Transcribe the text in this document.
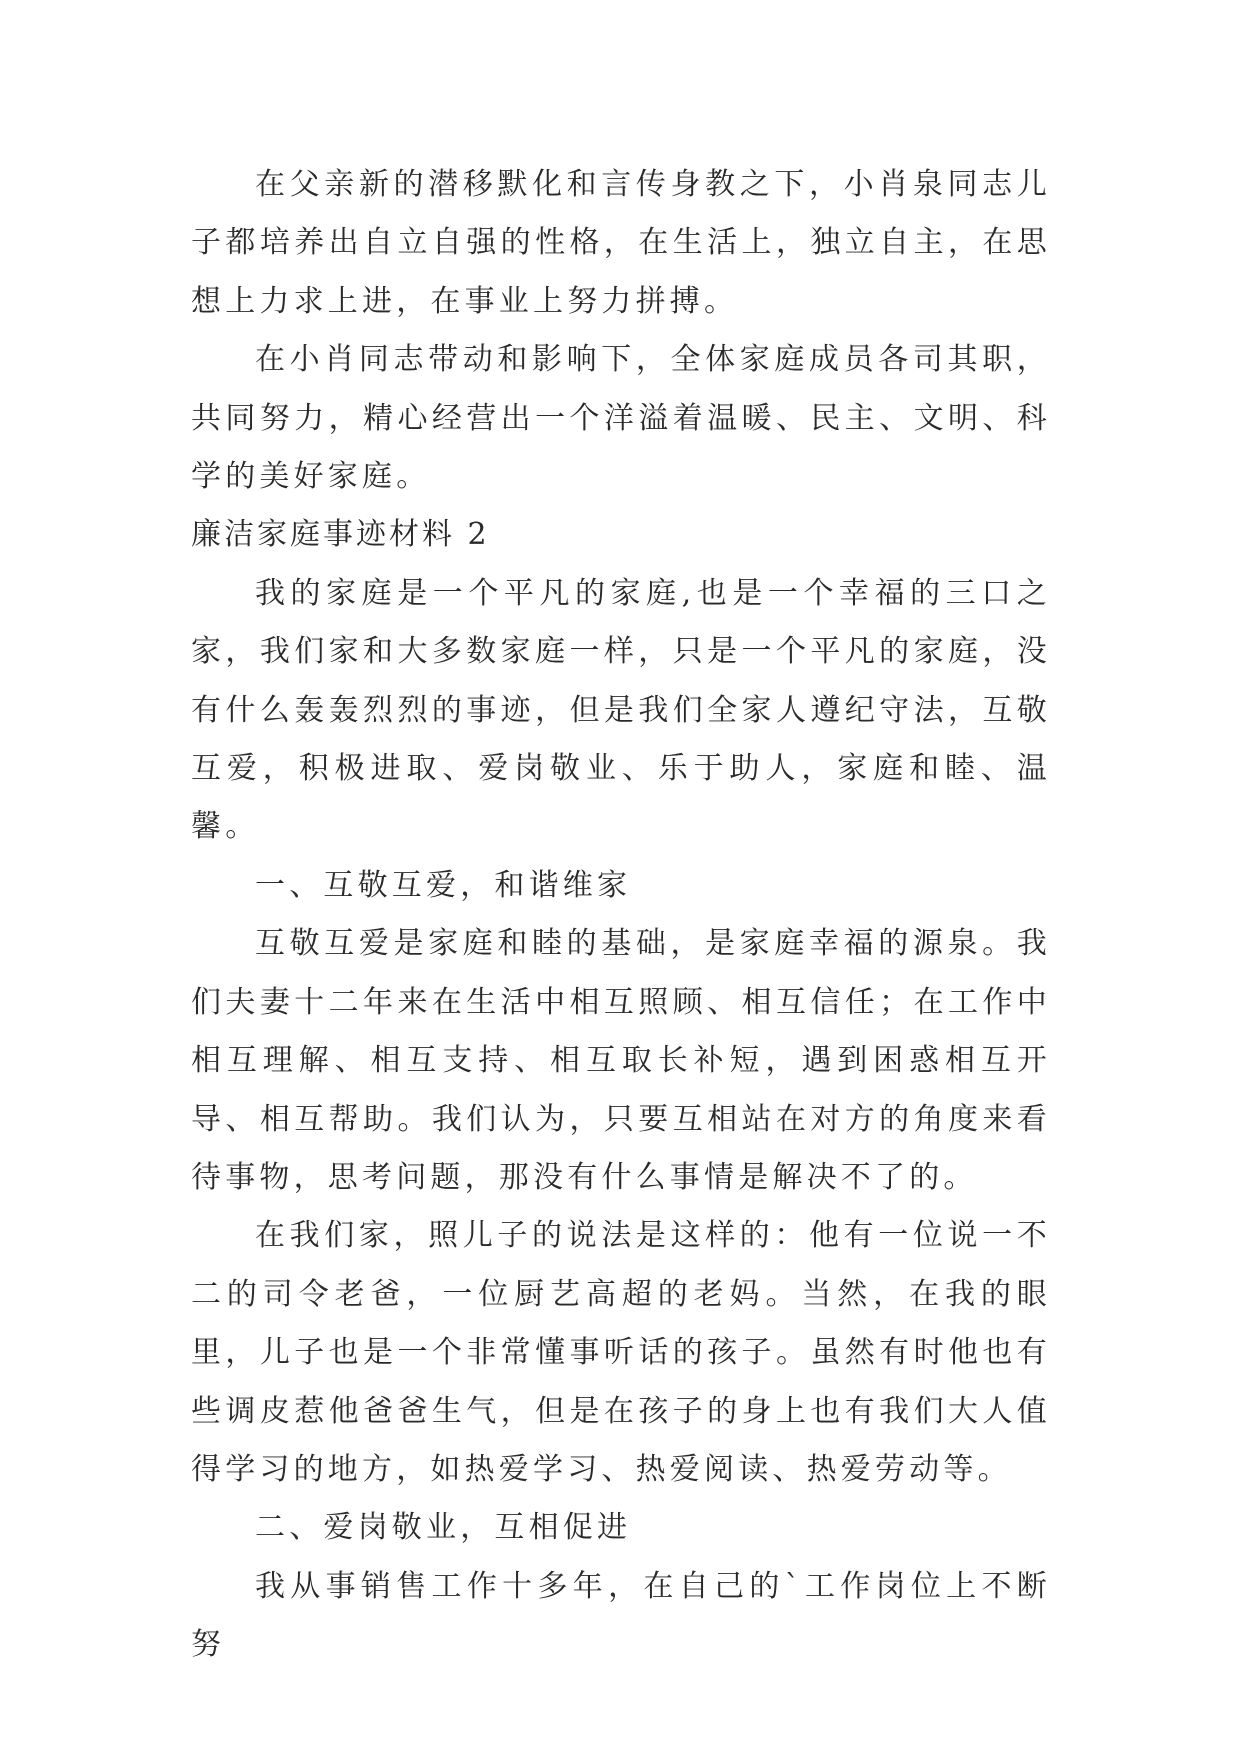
在父亲新的潜移默化和言传身教之下，小肖泉同志儿子都培养出自立自强的性格，在生活上，独立自主，在思想上力求上进，在事业上努力拼搏。

在小肖同志带动和影响下，全体家庭成员各司其职，共同努力，精心经营出一个洋溢着温暖、民主、文明、科学的美好家庭。

廉洁家庭事迹材料 2

我的家庭是一个平凡的家庭,也是一个幸福的三口之家，我们家和大多数家庭一样，只是一个平凡的家庭，没有什么轰轰烈烈的事迹，但是我们全家人遵纪守法，互敬互爱，积极进取、爱岗敬业、乐于助人，家庭和睦、温馨。

一、互敬互爱，和谐维家

互敬互爱是家庭和睦的基础，是家庭幸福的源泉。我们夫妻十二年来在生活中相互照顾、相互信任；在工作中相互理解、相互支持、相互取长补短，遇到困惑相互开导、相互帮助。我们认为，只要互相站在对方的角度来看待事物，思考问题，那没有什么事情是解决不了的。

在我们家，照儿子的说法是这样的：他有一位说一不二的司令老爸，一位厨艺高超的老妈。当然，在我的眼里，儿子也是一个非常懂事听话的孩子。虽然有时他也有些调皮惹他爸爸生气，但是在孩子的身上也有我们大人值得学习的地方，如热爱学习、热爱阅读、热爱劳动等。

二、爱岗敬业，互相促进

我从事销售工作十多年，在自己的`工作岗位上不断努
